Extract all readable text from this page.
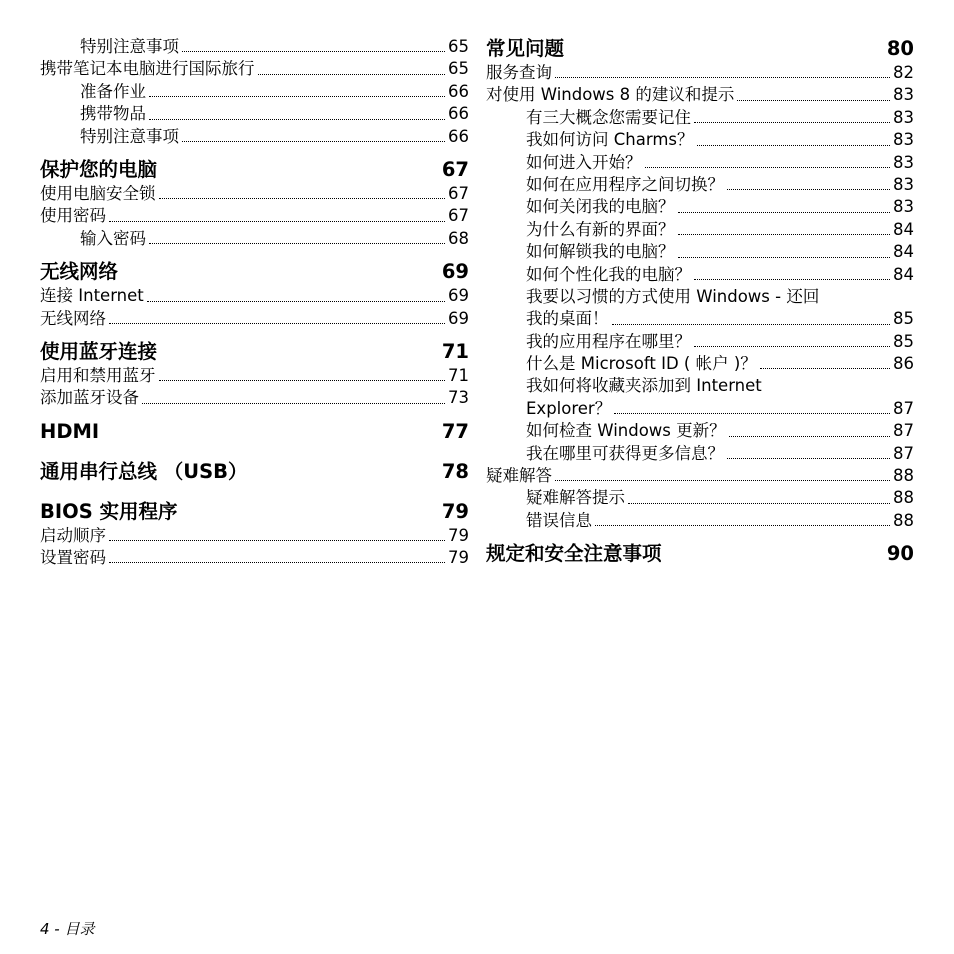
特别注意事项	65
携带笔记本电脑进行国际旅行	65
准备作业	66
携带物品	66
特别注意事项	66
保护您的电脑	67
使用电脑安全锁	67
使用密码	67
输入密码	68
无线网络	69
连接 Internet	69
无线网络	69
使用蓝牙连接	71
启用和禁用蓝牙	71
添加蓝牙设备	73
HDMI	77
通用串行总线 （USB）	78
BIOS 实用程序	79
启动顺序	79
设置密码	79
常见问题	80
服务查询	82
对使用 Windows 8 的建议和提示	83
有三大概念您需要记住	83
我如何访问 Charms？	83
如何进入开始？	83
如何在应用程序之间切换？	83
如何关闭我的电脑？	83
为什么有新的界面？	84
如何解锁我的电脑？	84
如何个性化我的电脑？	84
我要以习惯的方式使用 Windows - 还回
我的桌面！	85
我的应用程序在哪里？	85
什么是 Microsoft ID ( 帐户 )？	86
我如何将收藏夹添加到 Internet
Explorer？	87
如何检查 Windows 更新？	87
我在哪里可获得更多信息？	87
疑难解答	88
疑难解答提示	88
错误信息	88
规定和安全注意事项	90
4 - 目录
